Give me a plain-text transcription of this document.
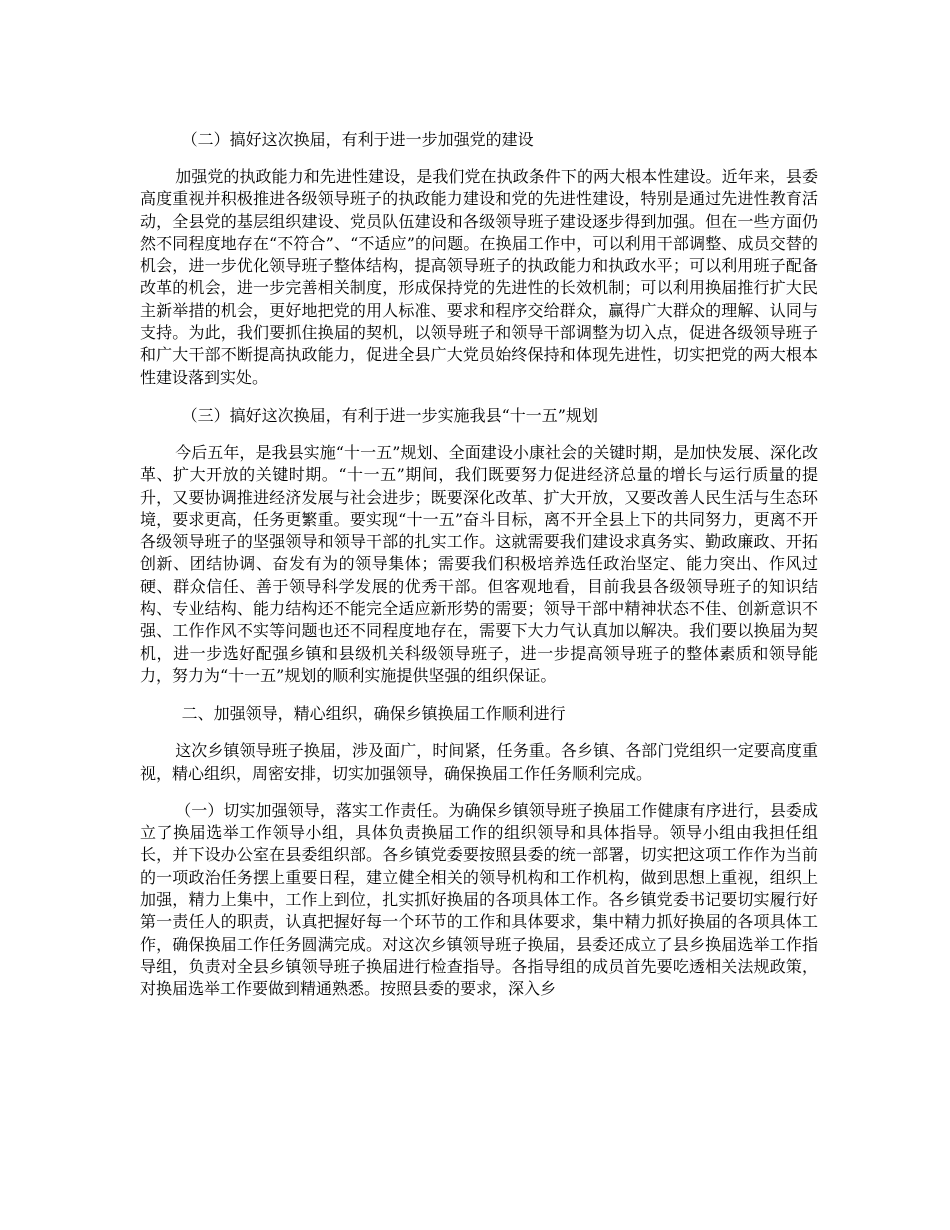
（二）搞好这次换届，有利于进一步加强党的建设

加强党的执政能力和先进性建设，是我们党在执政条件下的两大根本性建设。近年来，县委高度重视并积极推进各级领导班子的执政能力建设和党的先进性建设，特别是通过先进性教育活动，全县党的基层组织建设、党员队伍建设和各级领导班子建设逐步得到加强。但在一些方面仍然不同程度地存在“不符合”、“不适应”的问题。在换届工作中，可以利用干部调整、成员交替的机会，进一步优化领导班子整体结构，提高领导班子的执政能力和执政水平；可以利用班子配备改革的机会，进一步完善相关制度，形成保持党的先进性的长效机制；可以利用换届推行扩大民主新举措的机会，更好地把党的用人标准、要求和程序交给群众，赢得广大群众的理解、认同与支持。为此，我们要抓住换届的契机，以领导班子和领导干部调整为切入点，促进各级领导班子和广大干部不断提高执政能力，促进全县广大党员始终保持和体现先进性，切实把党的两大根本性建设落到实处。

（三）搞好这次换届，有利于进一步实施我县“十一五”规划

今后五年，是我县实施“十一五”规划、全面建设小康社会的关键时期，是加快发展、深化改革、扩大开放的关键时期。“十一五”期间，我们既要努力促进经济总量的增长与运行质量的提升，又要协调推进经济发展与社会进步；既要深化改革、扩大开放，又要改善人民生活与生态环境，要求更高，任务更繁重。要实现“十一五”奋斗目标，离不开全县上下的共同努力，更离不开各级领导班子的坚强领导和领导干部的扎实工作。这就需要我们建设求真务实、勤政廉政、开拓创新、团结协调、奋发有为的领导集体；需要我们积极培养选任政治坚定、能力突出、作风过硬、群众信任、善于领导科学发展的优秀干部。但客观地看，目前我县各级领导班子的知识结构、专业结构、能力结构还不能完全适应新形势的需要；领导干部中精神状态不佳、创新意识不强、工作作风不实等问题也还不同程度地存在，需要下大力气认真加以解决。我们要以换届为契机，进一步选好配强乡镇和县级机关科级领导班子，进一步提高领导班子的整体素质和领导能力，努力为“十一五”规划的顺利实施提供坚强的组织保证。

二、加强领导，精心组织，确保乡镇换届工作顺利进行

这次乡镇领导班子换届，涉及面广，时间紧，任务重。各乡镇、各部门党组织一定要高度重视，精心组织，周密安排，切实加强领导，确保换届工作任务顺利完成。

（一）切实加强领导，落实工作责任。为确保乡镇领导班子换届工作健康有序进行，县委成立了换届选举工作领导小组，具体负责换届工作的组织领导和具体指导。领导小组由我担任组长，并下设办公室在县委组织部。各乡镇党委要按照县委的统一部署，切实把这项工作作为当前的一项政治任务摆上重要日程，建立健全相关的领导机构和工作机构，做到思想上重视，组织上加强，精力上集中，工作上到位，扎实抓好换届的各项具体工作。各乡镇党委书记要切实履行好第一责任人的职责，认真把握好每一个环节的工作和具体要求，集中精力抓好换届的各项具体工作，确保换届工作任务圆满完成。对这次乡镇领导班子换届，县委还成立了县乡换届选举工作指导组，负责对全县乡镇领导班子换届进行检查指导。各指导组的成员首先要吃透相关法规政策，对换届选举工作要做到精通熟悉。按照县委的要求，深入乡
